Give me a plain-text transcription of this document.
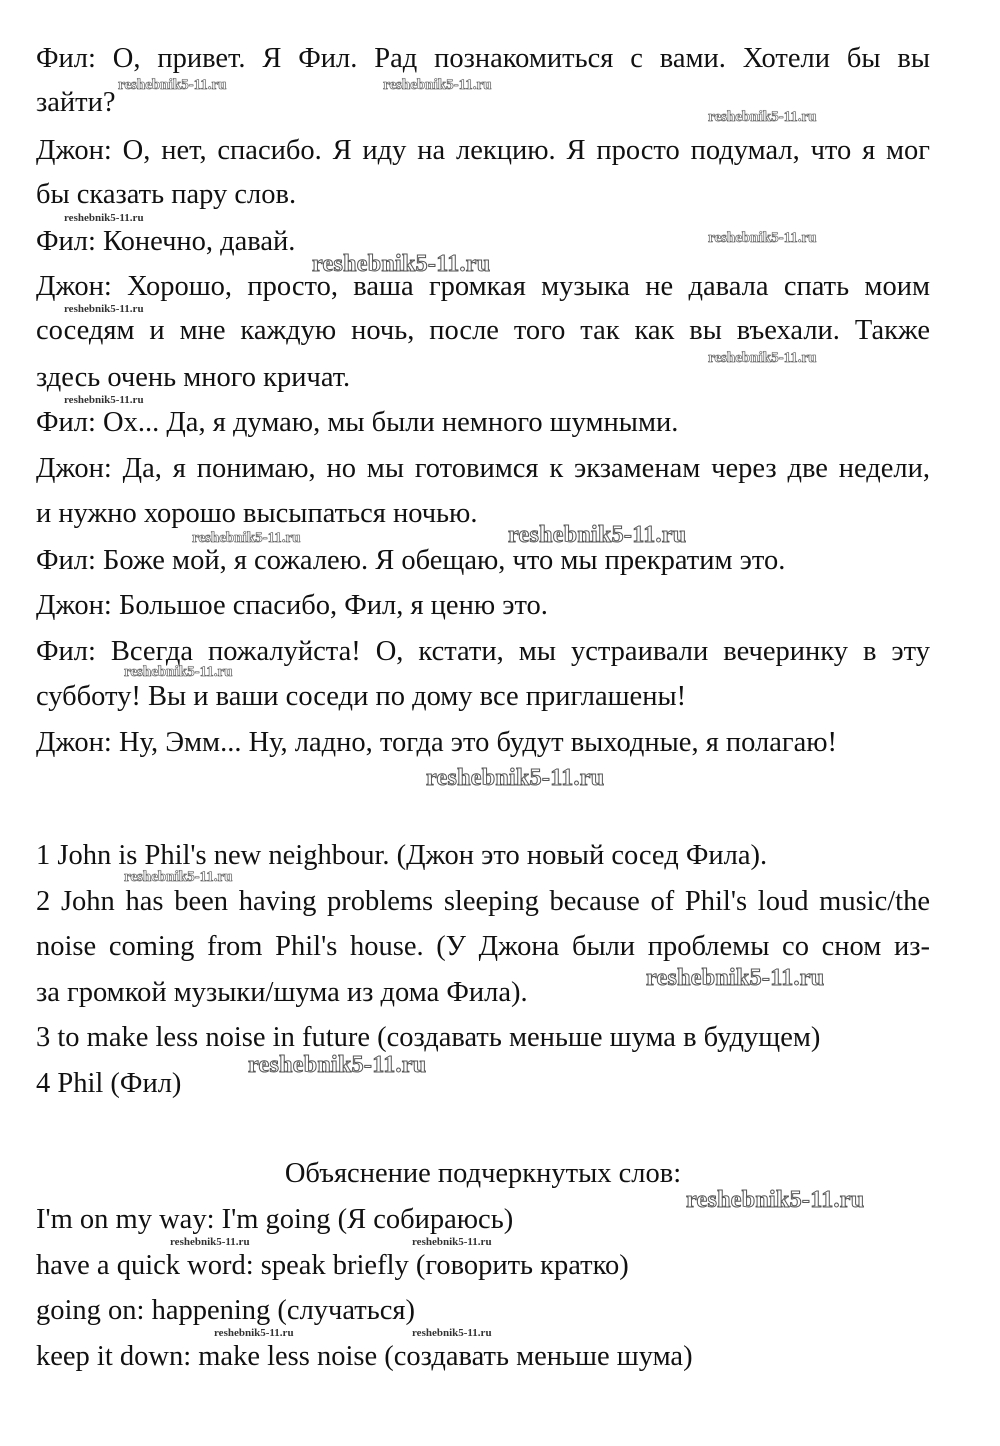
Фил: О, привет. Я Фил. Рад познакомиться с вами. Хотели бы вы
зайти?
Джон: О, нет, спасибо. Я иду на лекцию. Я просто подумал, что я мог
бы сказать пару слов.
Фил: Конечно, давай.
Джон: Хорошо, просто, ваша громкая музыка не давала спать моим
соседям и мне каждую ночь, после того так как вы въехали. Также
здесь очень много кричат.
Фил: Ох... Да, я думаю, мы были немного шумными.
Джон: Да, я понимаю, но мы готовимся к экзаменам через две недели,
и нужно хорошо высыпаться ночью.
Фил: Боже мой, я сожалею. Я обещаю, что мы прекратим это.
Джон: Большое спасибо, Фил, я ценю это.
Фил: Всегда пожалуйста! О, кстати, мы устраивали вечеринку в эту
субботу! Вы и ваши соседи по дому все приглашены!
Джон: Ну, Эмм... Ну, ладно, тогда это будут выходные, я полагаю!
1 John is Phil's new neighbour. (Джон это новый сосед Фила).
2 John has been having problems sleeping because of Phil's loud music/the
noise coming from Phil's house. (У Джона были проблемы со сном из-
за громкой музыки/шума из дома Фила).
3 to make less noise in future (создавать меньше шума в будущем)
4 Phil (Фил)
Объяснение подчеркнутых слов:
I'm on my way: I'm going (Я собираюсь)
have a quick word: speak briefly (говорить кратко)
going on: happening (случаться)
keep it down: make less noise (создавать меньше шума)
reshebnik5-11.ru	reshebnik5-11.ru
reshebnik5-11.ru
reshebnik5-11.ru
reshebnik5-11.ru
reshebnik5-11.ru
reshebnik5-11.ru
reshebnik5-11.ru
reshebnik5-11.ru
reshebnik5-11.ru	reshebnik5-11.ru
reshebnik5-11.ru
reshebnik5-11.ru
reshebnik5-11.ru
reshebnik5-11.ru
reshebnik5-11.ru
reshebnik5-11.ru
reshebnik5-11.ru	reshebnik5-11.ru
reshebnik5-11.ru	reshebnik5-11.ru
